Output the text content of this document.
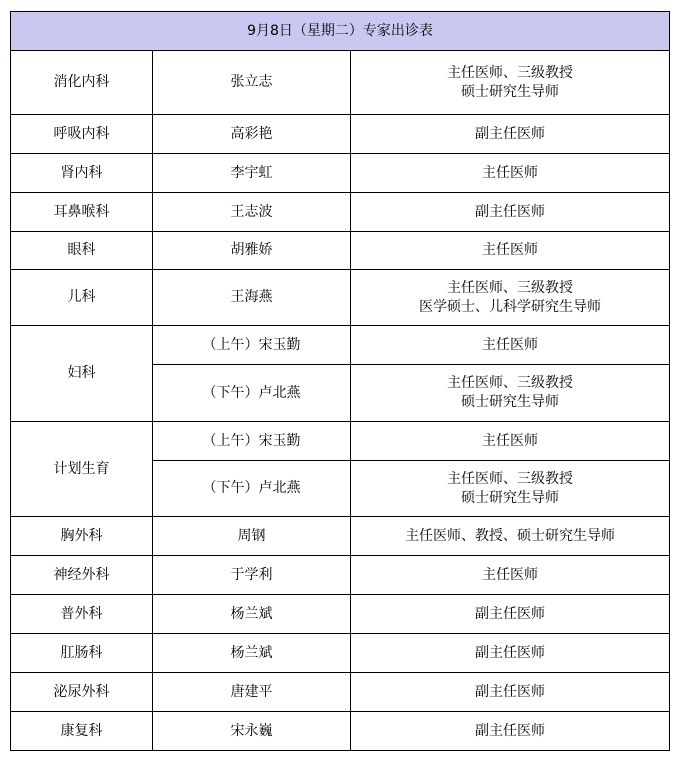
9月8日（星期二）专家出诊表		
消化内科	张立志	主任医师、三级教授
硕士研究生导师

呼吸内科	高彩艳	副主任医师

肾内科	李宇虹	主任医师

耳鼻喉科	王志波	副主任医师

眼科	胡雅娇	主任医师

儿科	王海燕	主任医师、三级教授
医学硕士、儿科学研究生导师

妇科	（上午）宋玉勤	主任医师

	（下午）卢北燕	主任医师、三级教授
硕士研究生导师

计划生育	（上午）宋玉勤	主任医师

	（下午）卢北燕	主任医师、三级教授
硕士研究生导师

胸外科	周钢	主任医师、教授、硕士研究生导师

神经外科	于学利	主任医师

普外科	杨兰斌	副主任医师

肛肠科	杨兰斌	副主任医师

泌尿外科	唐建平	副主任医师

康复科	宋永巍	副主任医师
